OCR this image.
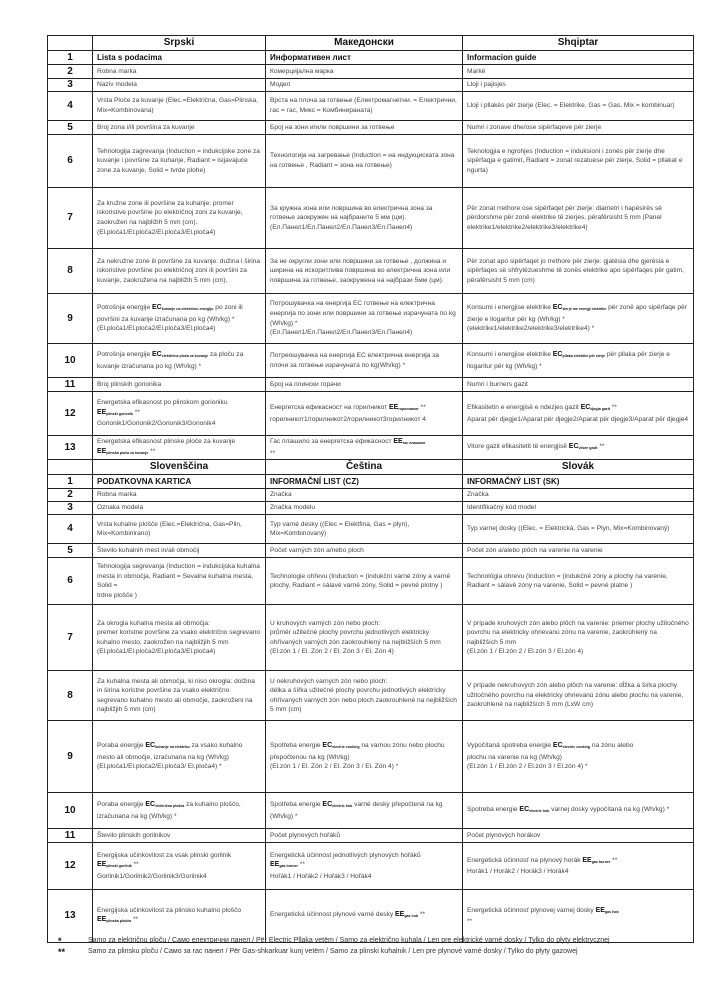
	Srpski	Македонски	Shqiptar
1	Lista s podacima	Информативен лист	Informacion guide
2	Robna marka	Комерцијална марка	Markë
3	Naziv modela	Модел	Lloji i pajisjes
4	Vrsta Ploče za kuvanje (Elec.=Električna, Gas=Plinska, Mix=Kombinovana)	Врста на плоча за готвење (Електромагнетни. = Електрични, гас = гас, Микс = Комбинирaната)	Lloji i pllakës për zierje (Elec. = Elektrike, Gas = Gas, Mix = kombinuar)
5	Broj zona i/ili površina za kuvanje	Број на зони и/или површини за готвење	Numri i zonave dhe/ose sipërfaqeve për zierje
6	Tehnologija zagrevanja (Induction = indukcijske zone za kuvanje i površine za kuhanje, Radiant = isijavajuće zone za kuvanje, Solid = tvrde plohe)	Технологија на загревање (Induction = на индукциската зона на готвење , Radiant = зона на готвење)	Teknologjia e ngrohjes (Induction = induksioni i zonës për zierje dhe sipërfaqja e gatimit, Radiant = zonat rezatuese për zierje, Solid = pllakat e ngurta)
7	Za kružne zone ili površine za kuhanje: promer iskoristive površine po električnoj zoni za kuvanje, zaokružen na najbližih 5 mm (cm).
(El.ploča1/El.ploča2/El.ploča3/El.ploča4)	За кружна зона или површина во електрична зона за готвење заокружен на најбраните 5 мм (цм).
(Ел.Панел1/Ел.Панел2/Ел.Панел3/Ел.Панел4)	Për zonat rrethore ose sipërfaqet për zierje: diametri i hapësirës së përdorshme për zonë elektrike të zierjes, përafërsisht 5 mm (Panel elektrike1/elektrike2/elektrike3/elektrike4)
8	Za nekružne zone ili površine za kuvanje: dužina i širina iskoristive površine po električnoj zoni ili površini za kuvanje, zaokružena na najbližih 5 mm (cm).	За не округли зони или површини за готвење , должина и ширина на искоритлива површина во електрична зона или површина за готвење, заокружена на најбрази 5мм (цм).	Për zonat apo sipërfaqet jo rrethore për zierje: gjatësia dhe gjerësia e sipërfaqes së shfrytëzueshme të zonës elektrike apo sipërfaqes për gatim, përafërsisht 5 mm (cm)
9	Potrošnja energije $EC_{kuhanje na električnu energiju}$ po zoni ili površini za kuvanje izračunana po kg (Wh/kg) *
(El.ploča1/El.ploča2/El.ploča3/El.ploča4)	Потрошувачка на енергија ЕС готвење на електрична енергија по зони или површини за готвење изрaчуната по kg (Wh/kg) *
(Ел.Панел1/Ел.Панел2/Ел.Панел3/Ел.Панел4)	Konsumi i energjise elektrike $EC_{zierje me energji elektrike}$ për zonë apo sipërfaqe për zierje e llogaritur për kg (Wh/kg) *
(elektrike1/elektrike2/elektrike3/elektrike4) *
10	Potrošnja energije $EC_{električna ploča za kuvanje}$ za ploču za kuvanje izračunana po kg (Wh/kg) *	Потреошувачка на енергија ЕС електрична енергија за плочи за готвење изрaчуната по kg(Wh/kg) *	Konsumi i energjise elektrike $EC_{pllaka elektrike për zierje}$ për pllaka për zierje e llogaritur për kg (Wh/kg) *
11	Broj plinskih gorionika	Број на плински горачи	Numri i burners gazit
12	Energetska efikasnost po plinskom gorioniku
$EE_{plinski gorionik}$ **
Gorionik1/Gorionik2/Gorionik3/Gorionik4	Енергетска ефикасност на горилникот $EE_{горилникот}$ **
горилникот1/горилникот2/горилникот3горилникот 4	Efikasitetin e energjisë e ndezjes gazit $EC_{djegia gazit}$ **
Aparat për djegje1/Aparat për djegje2/Aparat për djegje3/Aparat për djegje4
13	Energetska efikasnost plinske ploče za kuvanje
$EE_{plinska ploča za kuvanje}$ **	Гас плашило за енергетска ефикасност $EE_{гас плашило}$
**	Vitore gazit efikasitetit të energjisë $EC_{vitore gazit}$ **
	Slovenščina	Čeština	Slovák
1	PODATKOVNA KARTICA	INFORMAČNÍ LIST (CZ)	INFORMAČNÝ LIST (SK)
2	Robna marka	Značka	Značka
3	Oznaka modela	Značka modelu	Identifikačný kód model
4	Vrsta kuhalne plošče (Elec.=Električna, Gas=Plin, Mix=Kombinirano)	Typ varné desky ((Elec = Elektfina, Gas = plyn), Mix=Kombinovaný)	Typ varnej dosky ((Elec. = Elektrická, Gas = Plyn, Mix=Kombinovaný)
5	Število kuhalnih mest in/ali območij	Počet varných zón a/nebo ploch	Počet zón a/alebo plôch na varenie na varenie
6	Tehnologija segrevanja (Induction = indukcijska kuhalna mesta in območja, Radiant = Sevalna kuhalna mesta, Solid =
trdne plošče )	Technologie ohřevu (Induction = (indukční varné zóny a varné plochy, Radiant = sálavé varné zóny, Solid = pevné plotny )	Technológia ohrevu (Induction = (indukčné zóny a plochy na varenie, Radiant = sálavé zóny na varenie, Solid = pevné platne )
7	Za okrogla kuhalna mesta ali območja:
premer koristne površine za vsako električno segrevano kuhalno mesto, zaokrožen na najbližjih 5 mm
(El.ploča1/El.ploča2/El.ploča3/El.ploča4)	U kruhových varných zón nebo ploch:
průměr užitečné plochy povrchu jednotlivých elektricky ohřívaných varných zón zaokrouhlený na nejbližších 5 mm (El.zón 1 / El. Zón 2 / El. Zón 3 / El. Zón 4)	V prípade kruhových zón alebo plôch na varenie: priemer plochy užitočného povrchu na elektricky ohrievanú zónu na varenie, zaokrúhlený na najbližších 5 mm
(El.zón 1 / El.zón 2 / El.zón 3 / El.zón 4)
8	Za kuhalna mesta ali območja, ki niso okrogla: dolžina in širina koristne površine za vsako električno segrevano kuhalno mesto ali območje, zaokroženi na najbližjih 5 mm (cm)	U nekruhových varných zón nebo ploch:
délka a šířka užitečné plochy povrchu jednotlivých elektricky ohřívaných varných zón nebo ploch zaokrouhlené na nejbližších 5 mm (cm)	V prípade nekruhových zón alebo plôch na varenie: dĺžka a šírka plochy užitočného povrchu na elektricky ohrievanú zónu alebo plochu na varenie, zaokrúhlené na najbližších 5 mm (LxW cm)
9	Poraba energije $EC_{kuhanje na elektriko}$ za vsako kuhalno mesto ali območje, izračunana na kg (Wh/kg)
(El.ploča1/El.ploča2/El.ploča3/ El.ploča4) *	Spotřeba energie $EC_{electric cooking}$ na varnou zónu nebo plochu přepočtenou na kg (Wh/kg)
(El.zón 1 / El. Zón 2 / El. Zón 3 / El. Zón 4) *	Vypočítaná spotreba energie $EC_{electric cooking}$ na zónu alebo
plochu na varenie na kg (Wh/kg)
(El.zón 1 / El.zón 2 / El.zón 3 / El.zón 4) *
10	Poraba energije $EC_{električna plošča}$ za kuhalno ploščo, izračunana na kg (Wh/kg) *	Spotřeba energie $EC_{electric hob}$ varné desky přepočtená na kg (Wh/kg) *	Spotreba energie $EC_{electric hob}$ varnej dosky vypočítaná na kg (Wh/kg) *
11	Število plinskih gorilnikov	Počet plynových hořáků	Počet plynových horákov
12	Energijska učinkovitost za vsak plinski gorilnik
$EE_{plinski gorilnik}$ **
Gorilnik1/Gorilnik2/Gorilnik3/Gorilnik4	Energetická účinnost jednotlivých plynových hořáků
$EE_{gas burner}$ **
Hořák1 / Hořák2 / Hořák3 / Hořák4	Energetická účinnosť na plynový horák $EE_{gas burner}$ **
Horák1 / Horák2 / Horák3 / Horák4
13	Energijska učinkovitost za plinsko kuhalno ploščo $EE_{plinska plošča}$ **	Energetická účinnost plynové varné desky $EE_{gas hob}$ **	Energetická účinnosť plynovej varnej dosky $EE_{gas hob}$
**
*	Samo za električnu ploču / Само електрични панел / Për Electric Pllaka vetëm / Samo za električno kuhala / Len pre elektrické varné dosky / Tylko do płyty elektrycznej
**	Samo za plinsku ploču / Само за гас панел / Për Gas-shkarkuar kunj vetëm / Samo za plinski kuhalnik / Len pre plynové varné dosky / Tylko do płyty gazowej
